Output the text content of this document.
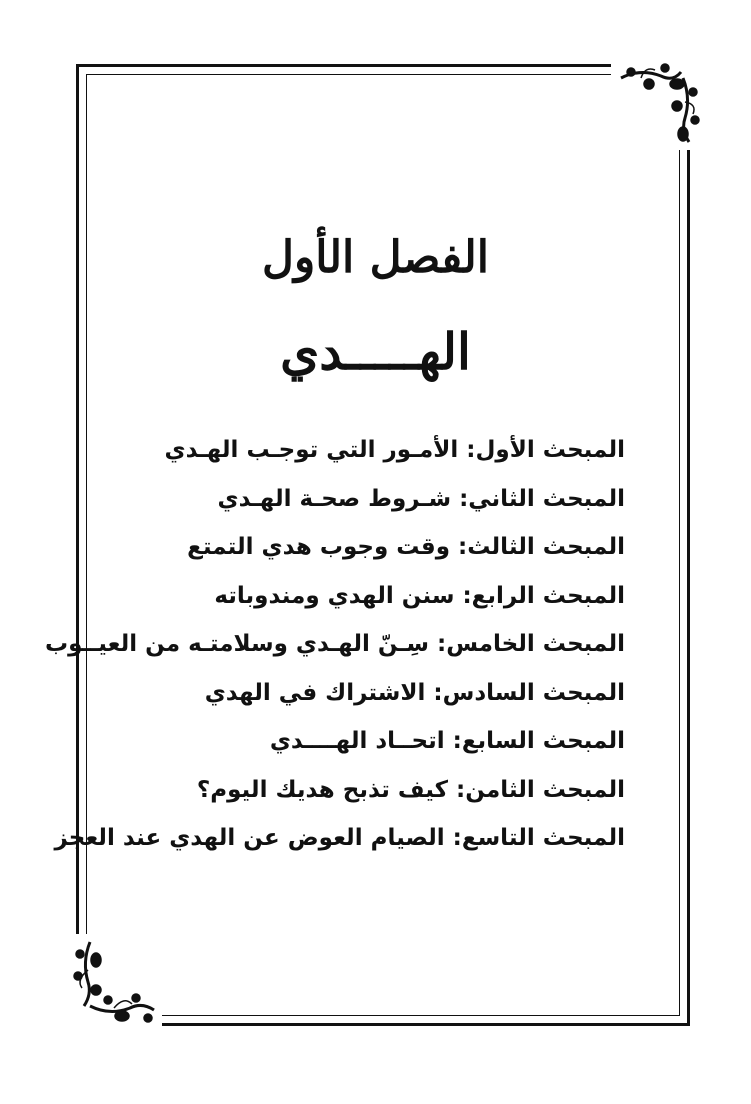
الفصل الأول
الهـــــدي
المبحث الأول: الأمـور التي توجـب الهـدي
المبحث الثاني: شـروط صحـة الهـدي
المبحث الثالث: وقت وجوب هدي التمتع
المبحث الرابع: سنن الهدي ومندوباته
المبحث الخامس: سِـنّ الهـدي وسلامتـه من العيــوب
المبحث السادس: الاشتراك في الهدي
المبحث السابع: اتحــاد الهــــدي
المبحث الثامن: كيف تذبح هديك اليوم؟
المبحث التاسع: الصيام العوض عن الهدي عند العجز
